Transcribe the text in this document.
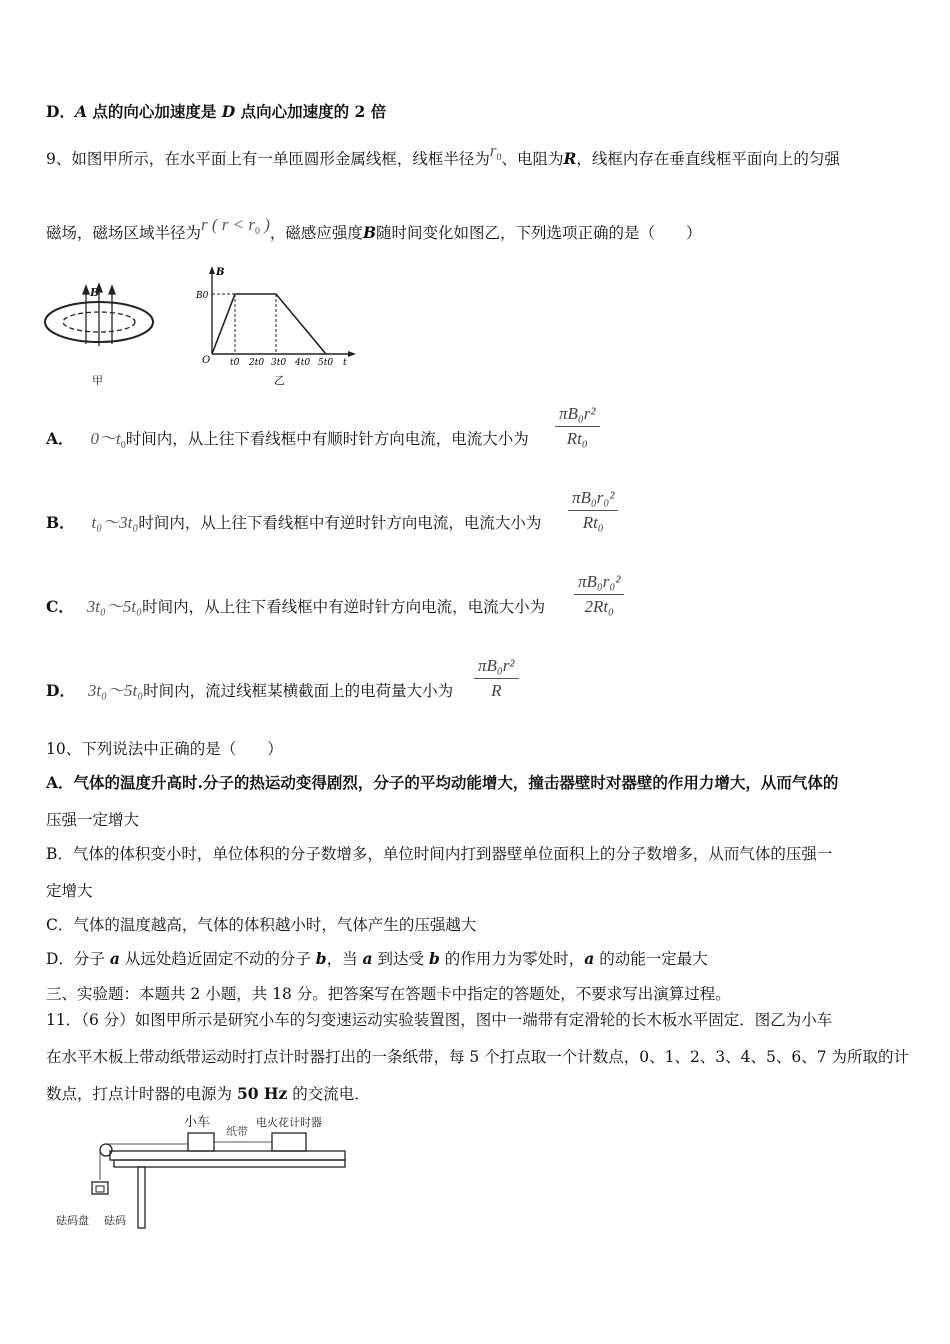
D．A 点的向心加速度是 D 点向心加速度的 2 倍
9、如图甲所示，在水平面上有一单匝圆形金属线框，线框半径为$r_0$、电阻为R，线框内存在垂直线框平面向上的匀强
磁场，磁场区域半径为r ( $r < r_0$ )，磁感应强度B随时间变化如图乙，下列选项正确的是（　　）
B
甲
B
B0
O t0 2t0 3t0 4t0 5t0 t
乙
A． $0\sim t_0$时间内，从上往下看线框中有顺时针方向电流，电流大小为
πB₀r²
Rt₀
B． t₀～3t₀时间内，从上往下看线框中有逆时针方向电流，电流大小为
πB₀r₀²
Rt₀
C． 3t₀～5t₀时间内，从上往下看线框中有逆时针方向电流，电流大小为
πB₀r₀²
2Rt₀
D． 3t₀～5t₀时间内，流过线框某横截面上的电荷量大小为
πB₀r²
R
10、下列说法中正确的是（　　）
A．气体的温度升高时.分子的热运动变得剧烈，分子的平均动能增大，撞击器壁时对器壁的作用力增大，从而气体的
压强一定增大
B．气体的体积变小时，单位体积的分子数增多，单位时间内打到器壁单位面积上的分子数增多，从而气体的压强一
定增大
C．气体的温度越高，气体的体积越小时，气体产生的压强越大
D．分子 a 从远处趋近固定不动的分子 b，当 a 到达受 b 的作用力为零处时，a 的动能一定最大
三、实验题：本题共 2 小题，共 18 分。把答案写在答题卡中指定的答题处，不要求写出演算过程。
11．（6 分）如图甲所示是研究小车的匀变速运动实验装置图，图中一端带有定滑轮的长木板水平固定．图乙为小车
在水平木板上带动纸带运动时打点计时器打出的一条纸带，每 5 个打点取一个计数点，0、1、2、3、4、5、6、7 为所取的计
数点，打点计时器的电源为 50 Hz 的交流电．
小车
纸带
电火花计时器
砝码盘 砝码
